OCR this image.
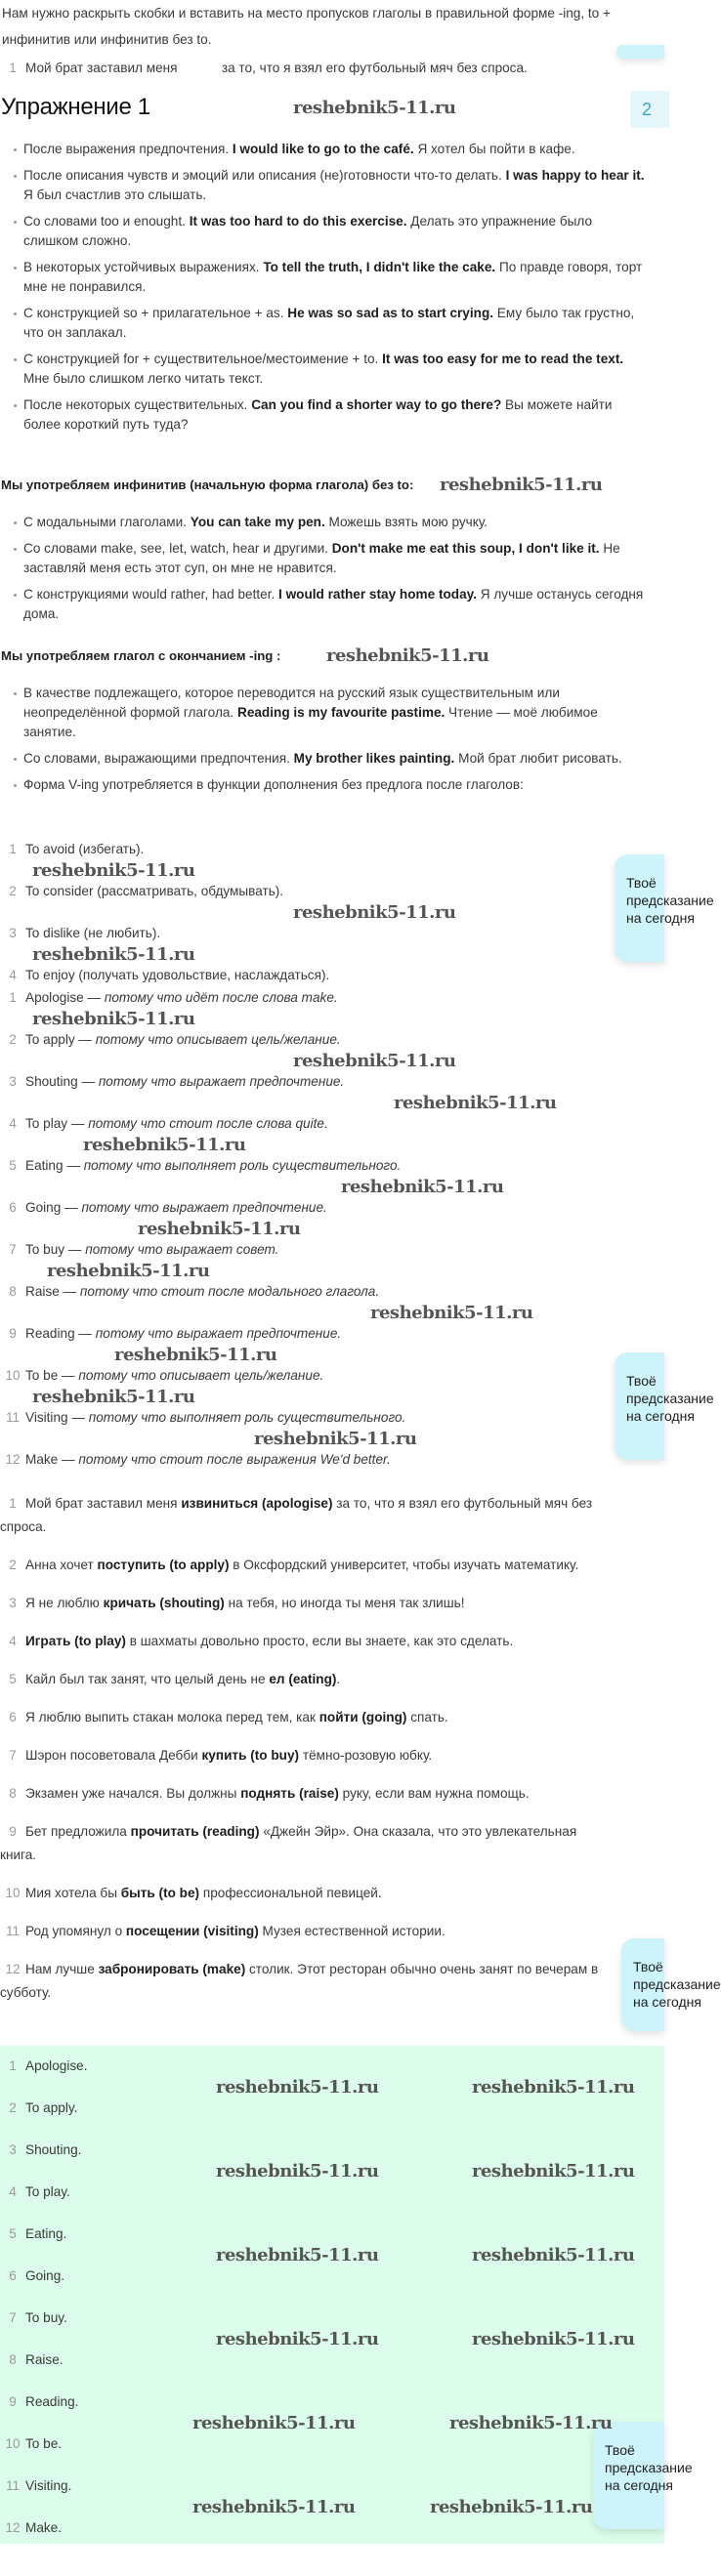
Нам нужно раскрыть скобки и вставить на место пропусков глаголы в правильной форме -ing, to + инфинитив или инфинитив без to.
1 Мой брат заставил меня            за то, что я взял его футбольный мяч без спроса.
Упражнение 1	2
После выражения предпочтения. I would like to go to the café. Я хотел бы пойти в кафе.
После описания чувств и эмоций или описания (не)готовности что-то делать. I was happy to hear it. Я был счастлив это слышать.
Со словами too и enought. It was too hard to do this exercise. Делать это упражнение было слишком сложно.
В некоторых устойчивых выражениях. To tell the truth, I didn't like the cake. По правде говоря, торт мне не понравился.
С конструкцией so + прилагательное + as. He was so sad as to start crying. Ему было так грустно, что он заплакал.
С конструкцией for + существительное/местоимение + to. It was too easy for me to read the text. Мне было слишком легко читать текст.
После некоторых существительных. Can you find a shorter way to go there? Вы можете найти более короткий путь туда?
Мы употребляем инфинитив (начальную форма глагола) без to:
С модальными глаголами. You can take my pen. Можешь взять мою ручку.
Со словами make, see, let, watch, hear и другими. Don't make me eat this soup, I don't like it. Не заставляй меня есть этот суп, он мне не нравится.
С конструкциями would rather, had better. I would rather stay home today. Я лучше останусь сегодня дома.
Мы употребляем глагол с окончанием -ing :
В качестве подлежащего, которое переводится на русский язык существительным или неопределённой формой глагола. Reading is my favourite pastime. Чтение — моё любимое занятие.
Со словами, выражающими предпочтения. My brother likes painting. Мой брат любит рисовать.
Форма V-ing употребляется в функции дополнения без предлога после глаголов:
1 To avoid (избегать).
2 To consider (рассматривать, обдумывать).
3 To dislike (не любить).
4 To enjoy (получать удовольствие, наслаждаться).
1 Apologise — потому что идёт после слова make.
2 To apply — потому что описывает цель/желание.
3 Shouting — потому что выражает предпочтение.
4 To play — потому что стоит после слова quite.
5 Eating — потому что выполняет роль существительного.
6 Going — потому что выражает предпочтение.
7 To buy — потому что выражает совет.
8 Raise — потому что стоит после модального глагола.
9 Reading — потому что выражает предпочтение.
10 To be — потому что описывает цель/желание.
11 Visiting — потому что выполняет роль существительного.
12 Make — потому что стоит после выражения We'd better.
1 Мой брат заставил меня извиниться (apologise) за то, что я взял его футбольный мяч без спроса.
2 Анна хочет поступить (to apply) в Оксфордский университет, чтобы изучать математику.
3 Я не люблю кричать (shouting) на тебя, но иногда ты меня так злишь!
4 Играть (to play) в шахматы довольно просто, если вы знаете, как это сделать.
5 Кайл был так занят, что целый день не ел (eating).
6 Я люблю выпить стакан молока перед тем, как пойти (going) спать.
7 Шэрон посоветовала Дебби купить (to buy) тёмно-розовую юбку.
8 Экзамен уже начался. Вы должны поднять (raise) руку, если вам нужна помощь.
9 Бет предложила прочитать (reading) «Джейн Эйр». Она сказала, что это увлекательная книга.
10 Мия хотела бы быть (to be) профессиональной певицей.
11 Род упомянул о посещении (visiting) Музея естественной истории.
12 Нам лучше забронировать (make) столик. Этот ресторан обычно очень занят по вечерам в субботу.
1 Apologise.
2 To apply.
3 Shouting.
4 To play.
5 Eating.
6 Going.
7 To buy.
8 Raise.
9 Reading.
10 To be.
11 Visiting.
12 Make.
Твоё
предсказание
на сегодня
Твоё
предсказание
на сегодня
Твоё
предсказание
на сегодня
Твоё
предсказание
на сегодня
reshebnik5-11.ru
reshebnik5-11.ru
reshebnik5-11.ru
reshebnik5-11.ru
reshebnik5-11.ru
reshebnik5-11.ru
reshebnik5-11.ru
reshebnik5-11.ru
reshebnik5-11.ru
reshebnik5-11.ru
reshebnik5-11.ru
reshebnik5-11.ru
reshebnik5-11.ru
reshebnik5-11.ru
reshebnik5-11.ru
reshebnik5-11.ru
reshebnik5-11.ru
reshebnik5-11.ru	reshebnik5-11.ru
reshebnik5-11.ru	reshebnik5-11.ru
reshebnik5-11.ru	reshebnik5-11.ru
reshebnik5-11.ru	reshebnik5-11.ru
reshebnik5-11.ru	reshebnik5-11.ru
reshebnik5-11.ru	reshebnik5-11.ru
